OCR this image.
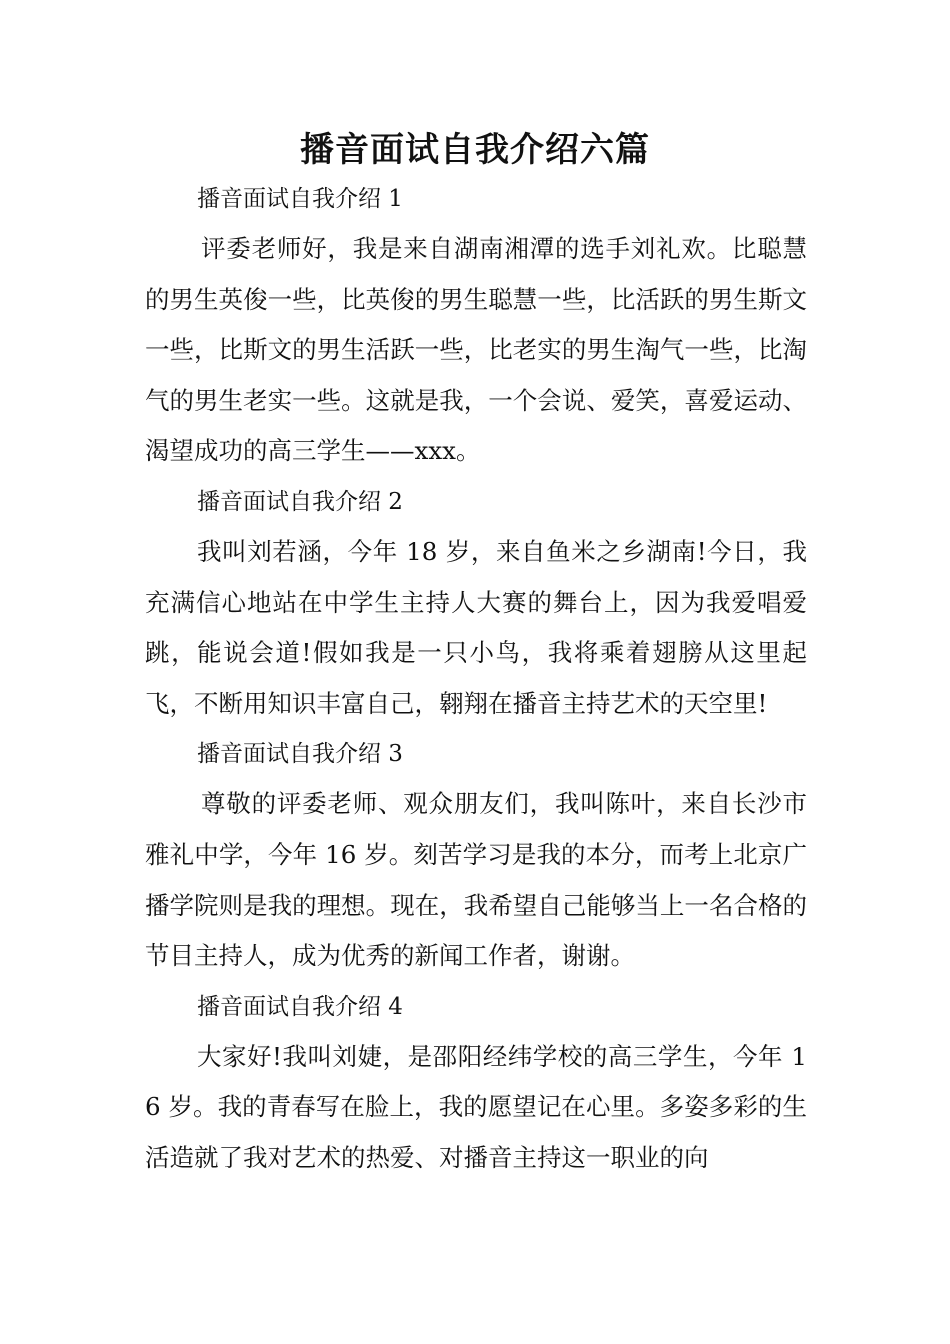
播音面试自我介绍六篇

播音面试自我介绍 1

评委老师好，我是来自湖南湘潭的选手刘礼欢。比聪慧的男生英俊一些，比英俊的男生聪慧一些，比活跃的男生斯文一些，比斯文的男生活跃一些，比老实的男生淘气一些，比淘气的男生老实一些。这就是我，一个会说、爱笑，喜爱运动、渴望成功的高三学生——xxx。

播音面试自我介绍 2

我叫刘若涵，今年 18 岁，来自鱼米之乡湖南!今日，我充满信心地站在中学生主持人大赛的舞台上，因为我爱唱爱跳，能说会道!假如我是一只小鸟，我将乘着翅膀从这里起飞，不断用知识丰富自己，翱翔在播音主持艺术的天空里!

播音面试自我介绍 3

尊敬的评委老师、观众朋友们，我叫陈叶，来自长沙市雅礼中学，今年 16 岁。刻苦学习是我的本分，而考上北京广播学院则是我的理想。现在，我希望自己能够当上一名合格的节目主持人，成为优秀的新闻工作者，谢谢。

播音面试自我介绍 4

大家好!我叫刘婕，是邵阳经纬学校的高三学生，今年 16 岁。我的青春写在脸上，我的愿望记在心里。多姿多彩的生活造就了我对艺术的热爱、对播音主持这一职业的向
